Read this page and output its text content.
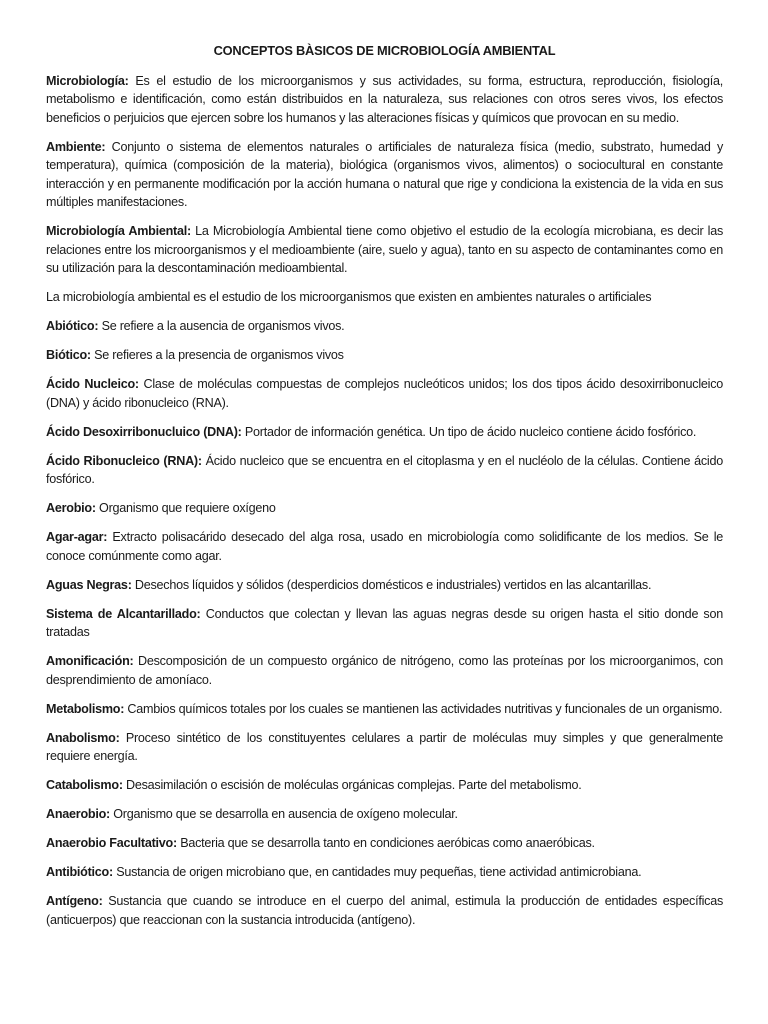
CONCEPTOS BÀSICOS DE MICROBIOLOGÍA AMBIENTAL

Microbiología: Es el estudio de los microorganismos y sus actividades, su forma, estructura, reproducción, fisiología, metabolismo e identificación, como están distribuidos en la naturaleza, sus relaciones con otros seres vivos, los efectos beneficios o perjuicios que ejercen sobre los humanos y las alteraciones físicas y químicos que provocan en su medio.

Ambiente: Conjunto o sistema de elementos naturales o artificiales de naturaleza física (medio, substrato, humedad y temperatura), química (composición de la materia), biológica (organismos vivos, alimentos) o sociocultural en constante interacción y en permanente modificación por la acción humana o natural que rige y condiciona la existencia de la vida en sus múltiples manifestaciones.

Microbiología Ambiental: La Microbiología Ambiental tiene como objetivo el estudio de la ecología microbiana, es decir las relaciones entre los microorganismos y el medioambiente (aire, suelo y agua), tanto en su aspecto de contaminantes como en su utilización para la descontaminación medioambiental.

La microbiología ambiental es el estudio de los microorganismos que existen en ambientes naturales o artificiales

Abiótico: Se refiere a la ausencia de organismos vivos.

Biótico: Se refieres a la presencia de organismos vivos

Ácido Nucleico: Clase de moléculas compuestas de complejos nucleóticos unidos; los dos tipos ácido desoxirribonucleico (DNA) y ácido ribonucleico (RNA).

Ácido Desoxirribonucluico (DNA): Portador de información genética. Un tipo de ácido nucleico contiene ácido fosfórico.

Ácido Ribonucleico (RNA): Ácido nucleico que se encuentra en el citoplasma y en el nucléolo de la células. Contiene ácido fosfórico.

Aerobio: Organismo que requiere oxígeno

Agar-agar: Extracto polisacárido desecado del alga rosa, usado en microbiología como solidificante de los medios. Se le conoce comúnmente como agar.

Aguas Negras: Desechos líquidos y sólidos (desperdicios domésticos e industriales) vertidos en las alcantarillas.

Sistema de Alcantarillado: Conductos que colectan y llevan las aguas negras desde su origen hasta el sitio donde son tratadas

Amonificación: Descomposición de un compuesto orgánico de nitrógeno, como las proteínas por los microorganimos, con desprendimiento de amoníaco.

Metabolismo: Cambios químicos totales por los cuales se mantienen las actividades nutritivas y funcionales de un organismo.

Anabolismo: Proceso sintético de los constituyentes celulares a partir de moléculas muy simples y que generalmente requiere energía.

Catabolismo: Desasimilación o escisión de moléculas orgánicas complejas. Parte del metabolismo.

Anaerobio: Organismo que se desarrolla en ausencia de oxígeno molecular.

Anaerobio Facultativo: Bacteria que se desarrolla tanto en condiciones aeróbicas como anaeróbicas.

Antibiótico: Sustancia de origen microbiano que, en cantidades muy pequeñas, tiene actividad antimicrobiana.

Antígeno: Sustancia que cuando se introduce en el cuerpo del animal, estimula la producción de entidades específicas (anticuerpos) que reaccionan con la sustancia introducida (antígeno).
